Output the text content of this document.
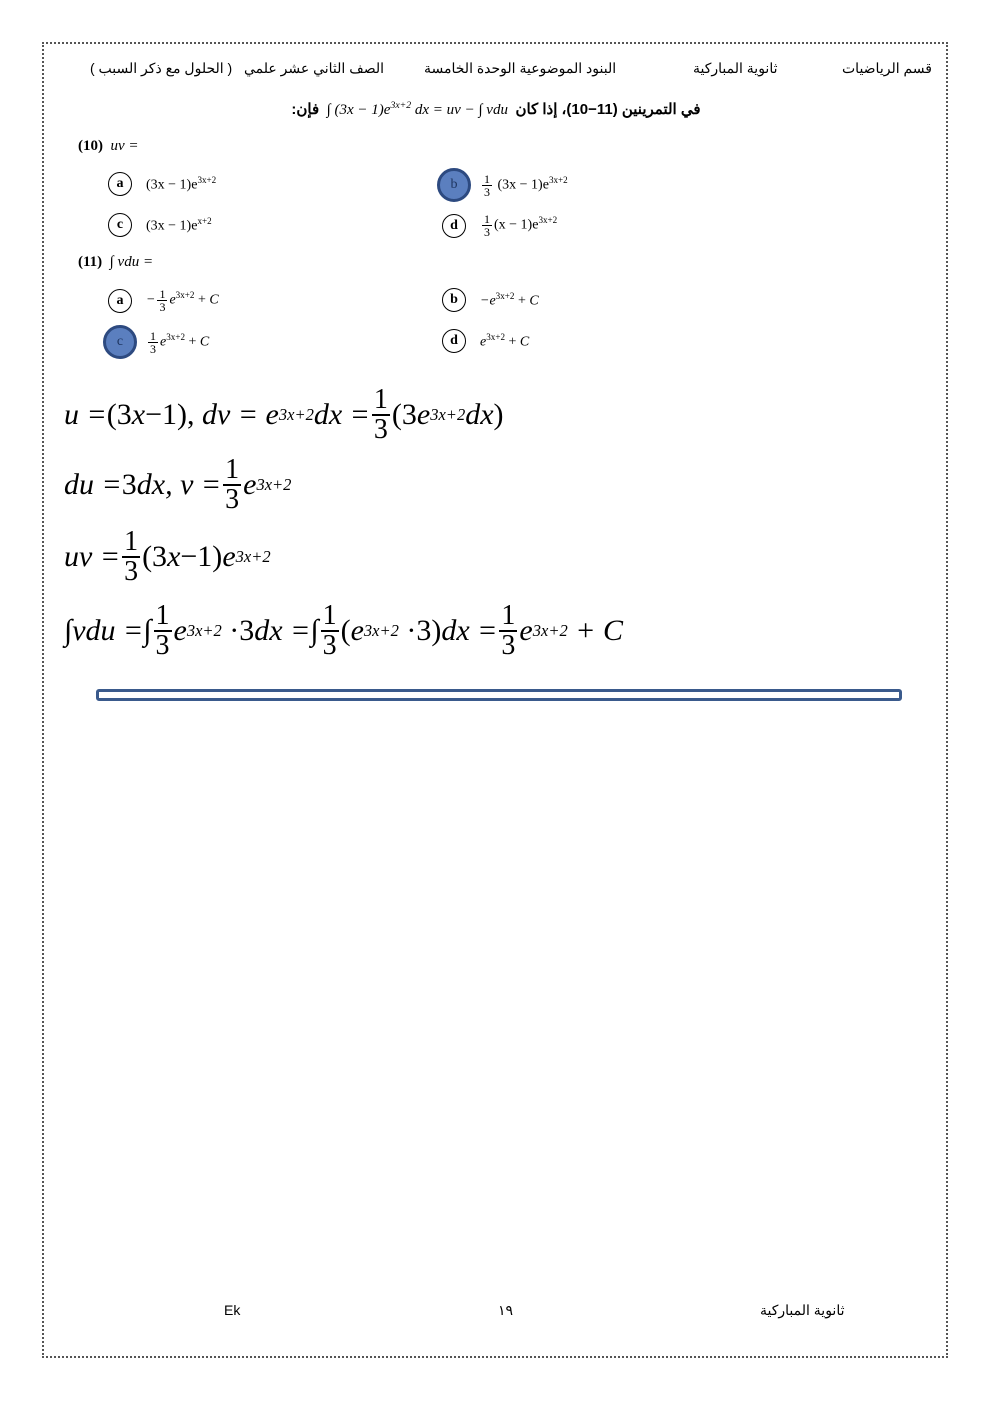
قسم الرياضيات
ثانوية المباركية
البنود الموضوعية الوحدة الخامسة
الصف الثاني عشر علمي
( الحلول مع ذكر السبب )
فإن:  ∫ $(3x - 1)e^{3x+2}$ dx = uv − ∫ vdu  في التمرينين (11−10)، إذا كان
(10) uv =
a	$(3x - 1)e^{3x+2}$	b	$\frac{1}{3} (3x - 1)e^{3x+2}$
c	$(3x - 1)e^{x+2}$	d	$\frac{1}{3} (x - 1)e^{3x+2}$
(11) ∫ vdu =
a	− $\frac{1}{3} e^{3x+2} + C$	b	$-e^{3x+2} + C$
c	$\frac{1}{3} e^{3x+2} + C$	d	$e^{3x+2} + C$
u = (3 x −1), dv = e 3x+2 dx = $\frac{1}{3} (3$ e 3x+2 dx )
du = 3 dx, $v = \frac{1}{3}$ e 3x+2
uv = $\frac{1}{3} (3$ x −1) e 3x+2
∫vdu =∫ $\frac{1}{3}$ e 3x+2
·3 dx =∫ $\frac{1}{3}$ ( e 3x+2
·3) dx = $\frac{1}{3}$ e 3x+2 + C
Ek	١٩	ثانوية المباركية
